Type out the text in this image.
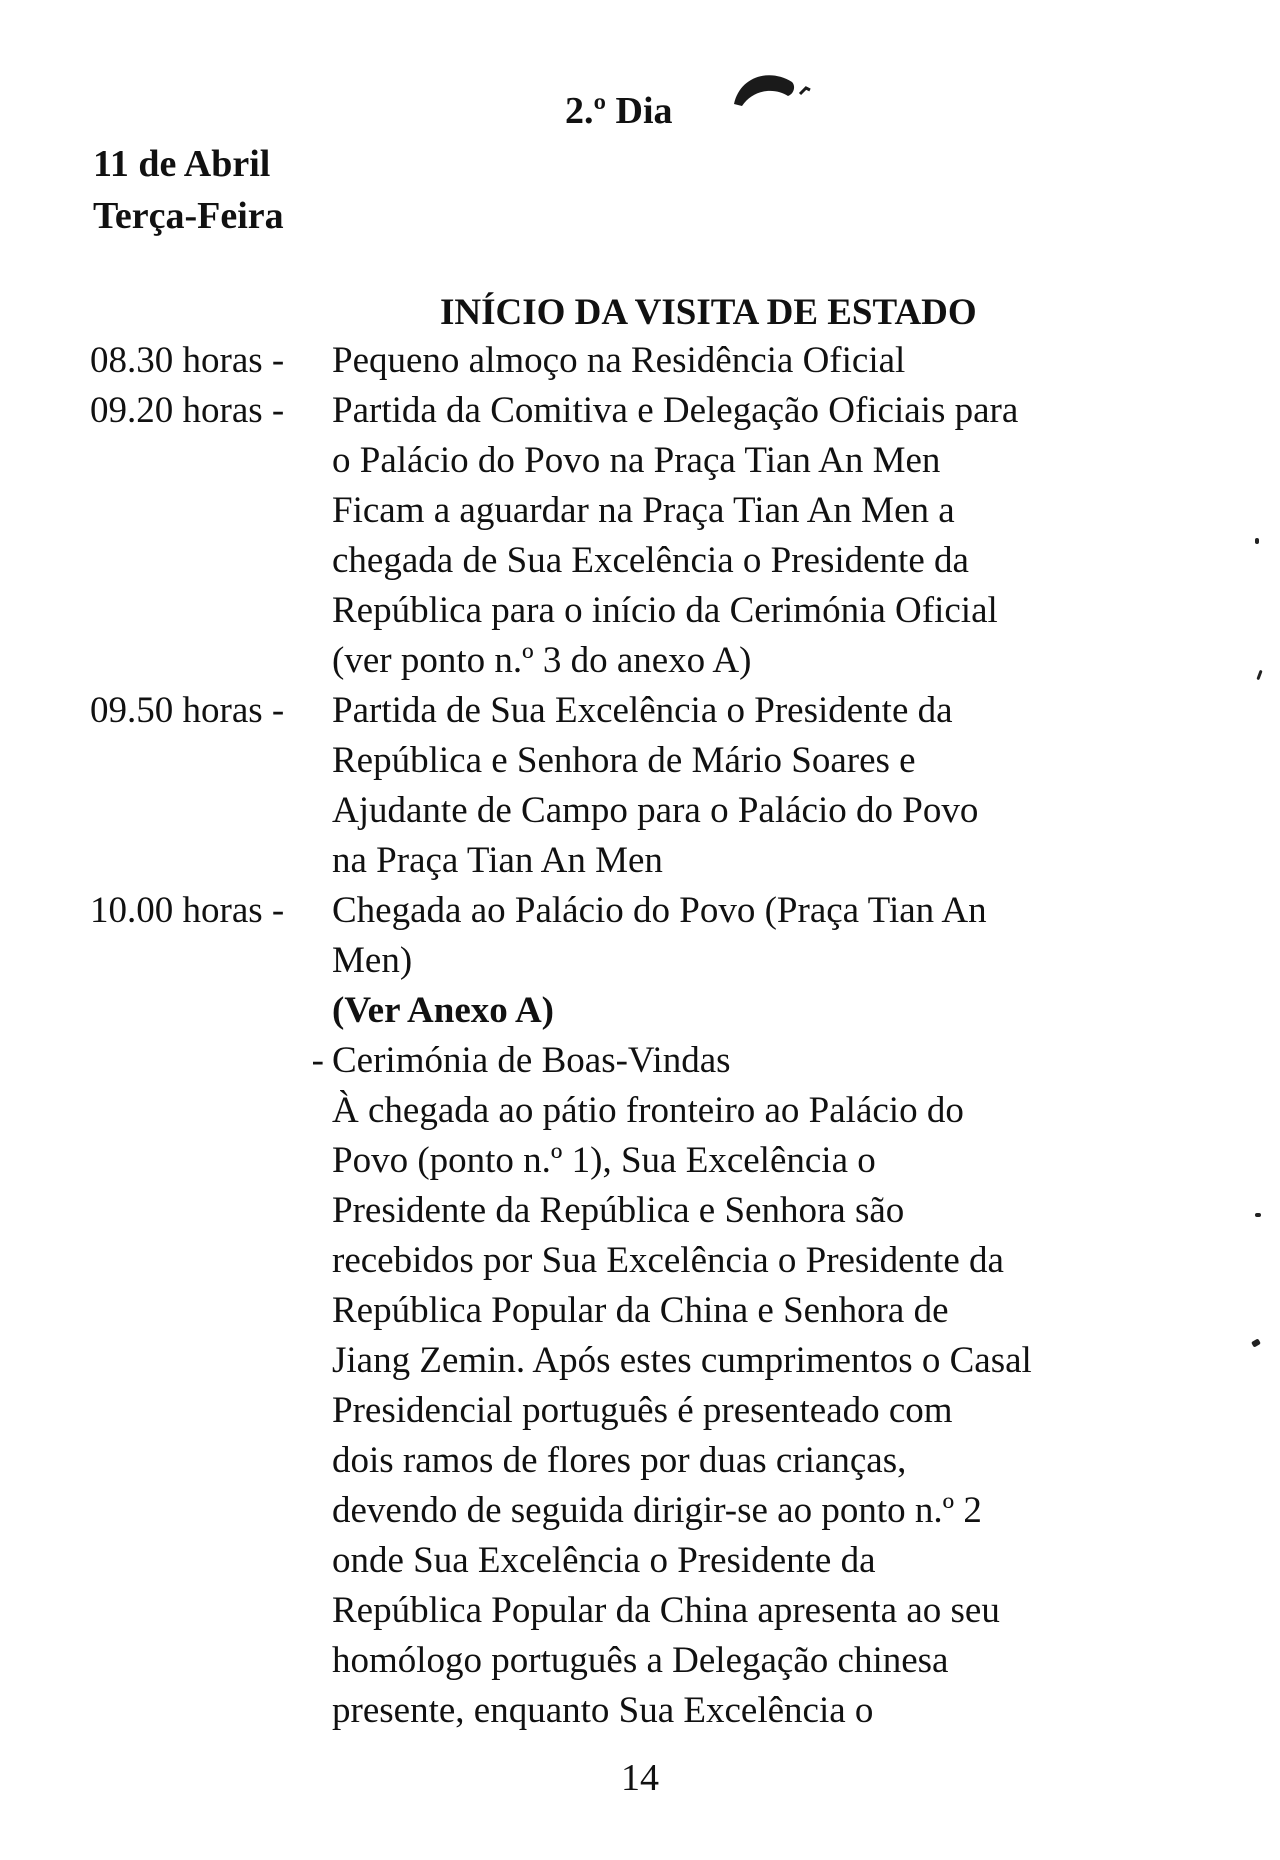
2.º Dia
11 de Abril
Terça-Feira
INÍCIO DA VISITA DE ESTADO
08.30 horas -	Pequeno almoço na Residência Oficial
09.20 horas -	Partida da Comitiva e Delegação Oficiais para
o Palácio do Povo na Praça Tian An Men
Ficam a aguardar na Praça Tian An Men a
chegada de Sua Excelência o Presidente da
República para o início da Cerimónia Oficial
(ver ponto n.º 3 do anexo A)
09.50 horas -	Partida de Sua Excelência o Presidente da
República e Senhora de Mário Soares e
Ajudante de Campo para o Palácio do Povo
na Praça Tian An Men
10.00 horas -	Chegada ao Palácio do Povo (Praça Tian An
Men)
(Ver Anexo A)
- Cerimónia de Boas-Vindas
À chegada ao pátio fronteiro ao Palácio do
Povo (ponto n.º 1), Sua Excelência o
Presidente da República e Senhora são
recebidos por Sua Excelência o Presidente da
República Popular da China e Senhora de
Jiang Zemin. Após estes cumprimentos o Casal
Presidencial português é presenteado com
dois ramos de flores por duas crianças,
devendo de seguida dirigir-se ao ponto n.º 2
onde Sua Excelência o Presidente da
República Popular da China apresenta ao seu
homólogo português a Delegação chinesa
presente, enquanto Sua Excelência o
14
